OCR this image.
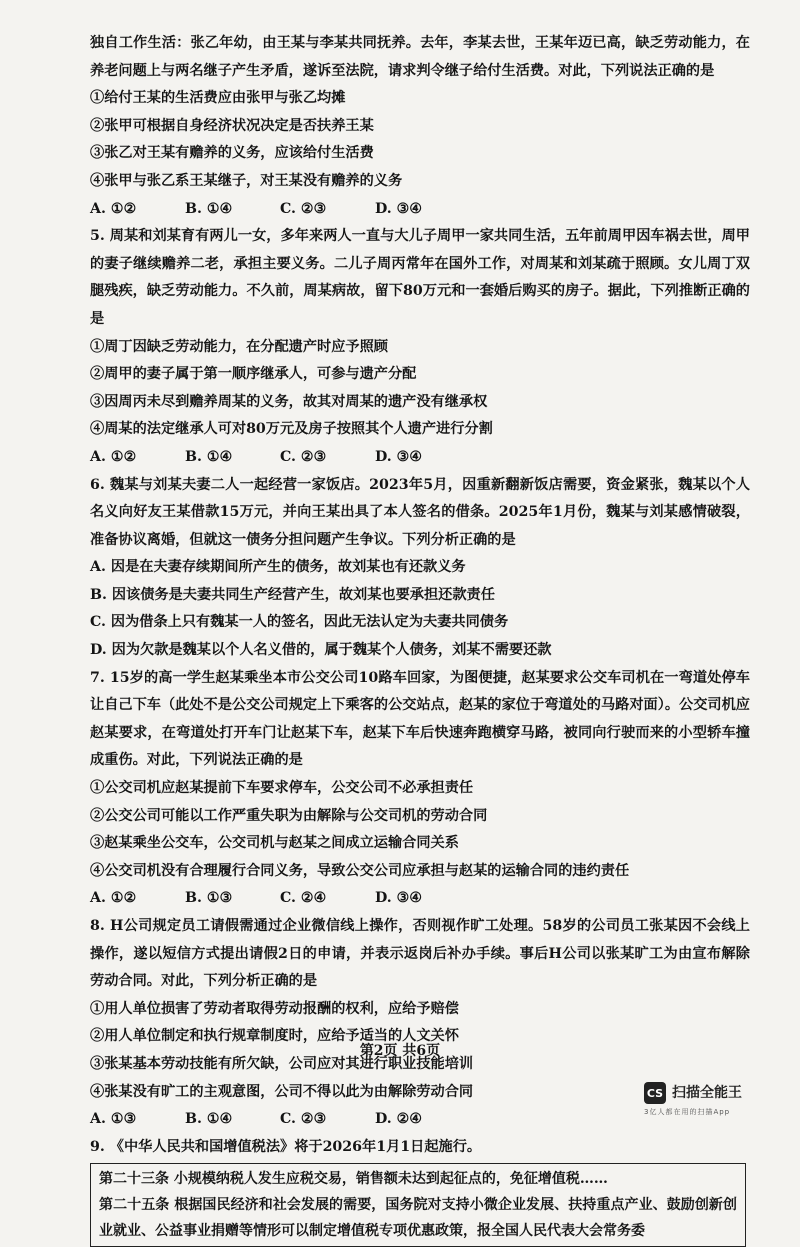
独自工作生活：张乙年幼，由王某与李某共同抚养。去年，李某去世，王某年迈已高，缺乏劳动能力，在养老问题上与两名继子产生矛盾，遂诉至法院，请求判令继子给付生活费。对此，下列说法正确的是

①给付王某的生活费应由张甲与张乙均摊

②张甲可根据自身经济状况决定是否扶养王某

③张乙对王某有赡养的义务，应该给付生活费

④张甲与张乙系王某继子，对王某没有赡养的义务

A. ①②	B. ①④	C. ②③	D. ③④

5. 周某和刘某育有两儿一女，多年来两人一直与大儿子周甲一家共同生活，五年前周甲因车祸去世，周甲的妻子继续赡养二老，承担主要义务。二儿子周丙常年在国外工作，对周某和刘某疏于照顾。女儿周丁双腿残疾，缺乏劳动能力。不久前，周某病故，留下80万元和一套婚后购买的房子。据此，下列推断正确的是

①周丁因缺乏劳动能力，在分配遗产时应予照顾

②周甲的妻子属于第一顺序继承人，可参与遗产分配

③因周丙未尽到赡养周某的义务，故其对周某的遗产没有继承权

④周某的法定继承人可对80万元及房子按照其个人遗产进行分割

A. ①②	B. ①④	C. ②③	D. ③④

6. 魏某与刘某夫妻二人一起经营一家饭店。2023年5月，因重新翻新饭店需要，资金紧张，魏某以个人名义向好友王某借款15万元，并向王某出具了本人签名的借条。2025年1月份，魏某与刘某感情破裂，准备协议离婚，但就这一债务分担问题产生争议。下列分析正确的是

A. 因是在夫妻存续期间所产生的债务，故刘某也有还款义务

B. 因该债务是夫妻共同生产经营产生，故刘某也要承担还款责任

C. 因为借条上只有魏某一人的签名，因此无法认定为夫妻共同债务

D. 因为欠款是魏某以个人名义借的，属于魏某个人债务，刘某不需要还款

7. 15岁的高一学生赵某乘坐本市公交公司10路车回家，为图便捷，赵某要求公交车司机在一弯道处停车让自己下车（此处不是公交公司规定上下乘客的公交站点，赵某的家位于弯道处的马路对面）。公交司机应赵某要求，在弯道处打开车门让赵某下车，赵某下车后快速奔跑横穿马路，被同向行驶而来的小型轿车撞成重伤。对此，下列说法正确的是

①公交司机应赵某提前下车要求停车，公交公司不必承担责任

②公交公司可能以工作严重失职为由解除与公交司机的劳动合同

③赵某乘坐公交车，公交司机与赵某之间成立运输合同关系

④公交司机没有合理履行合同义务，导致公交公司应承担与赵某的运输合同的违约责任

A. ①②	B. ①③	C. ②④	D. ③④

8. H公司规定员工请假需通过企业微信线上操作，否则视作旷工处理。58岁的公司员工张某因不会线上操作，遂以短信方式提出请假2日的申请，并表示返岗后补办手续。事后H公司以张某旷工为由宣布解除劳动合同。对此，下列分析正确的是

①用人单位损害了劳动者取得劳动报酬的权利，应给予赔偿

②用人单位制定和执行规章制度时，应给予适当的人文关怀

③张某基本劳动技能有所欠缺，公司应对其进行职业技能培训

④张某没有旷工的主观意图，公司不得以此为由解除劳动合同

A. ①③	B. ①④	C. ②③	D. ②④

9. 《中华人民共和国增值税法》将于2026年1月1日起施行。

第二十三条 小规模纳税人发生应税交易，销售额未达到起征点的，免征增值税……

第二十五条 根据国民经济和社会发展的需要，国务院对支持小微企业发展、扶持重点产业、鼓励创新创业就业、公益事业捐赠等情形可以制定增值税专项优惠政策，报全国人民代表大会常务委

第2页 共6页
CS 扫描全能王
3亿人都在用的扫描App
